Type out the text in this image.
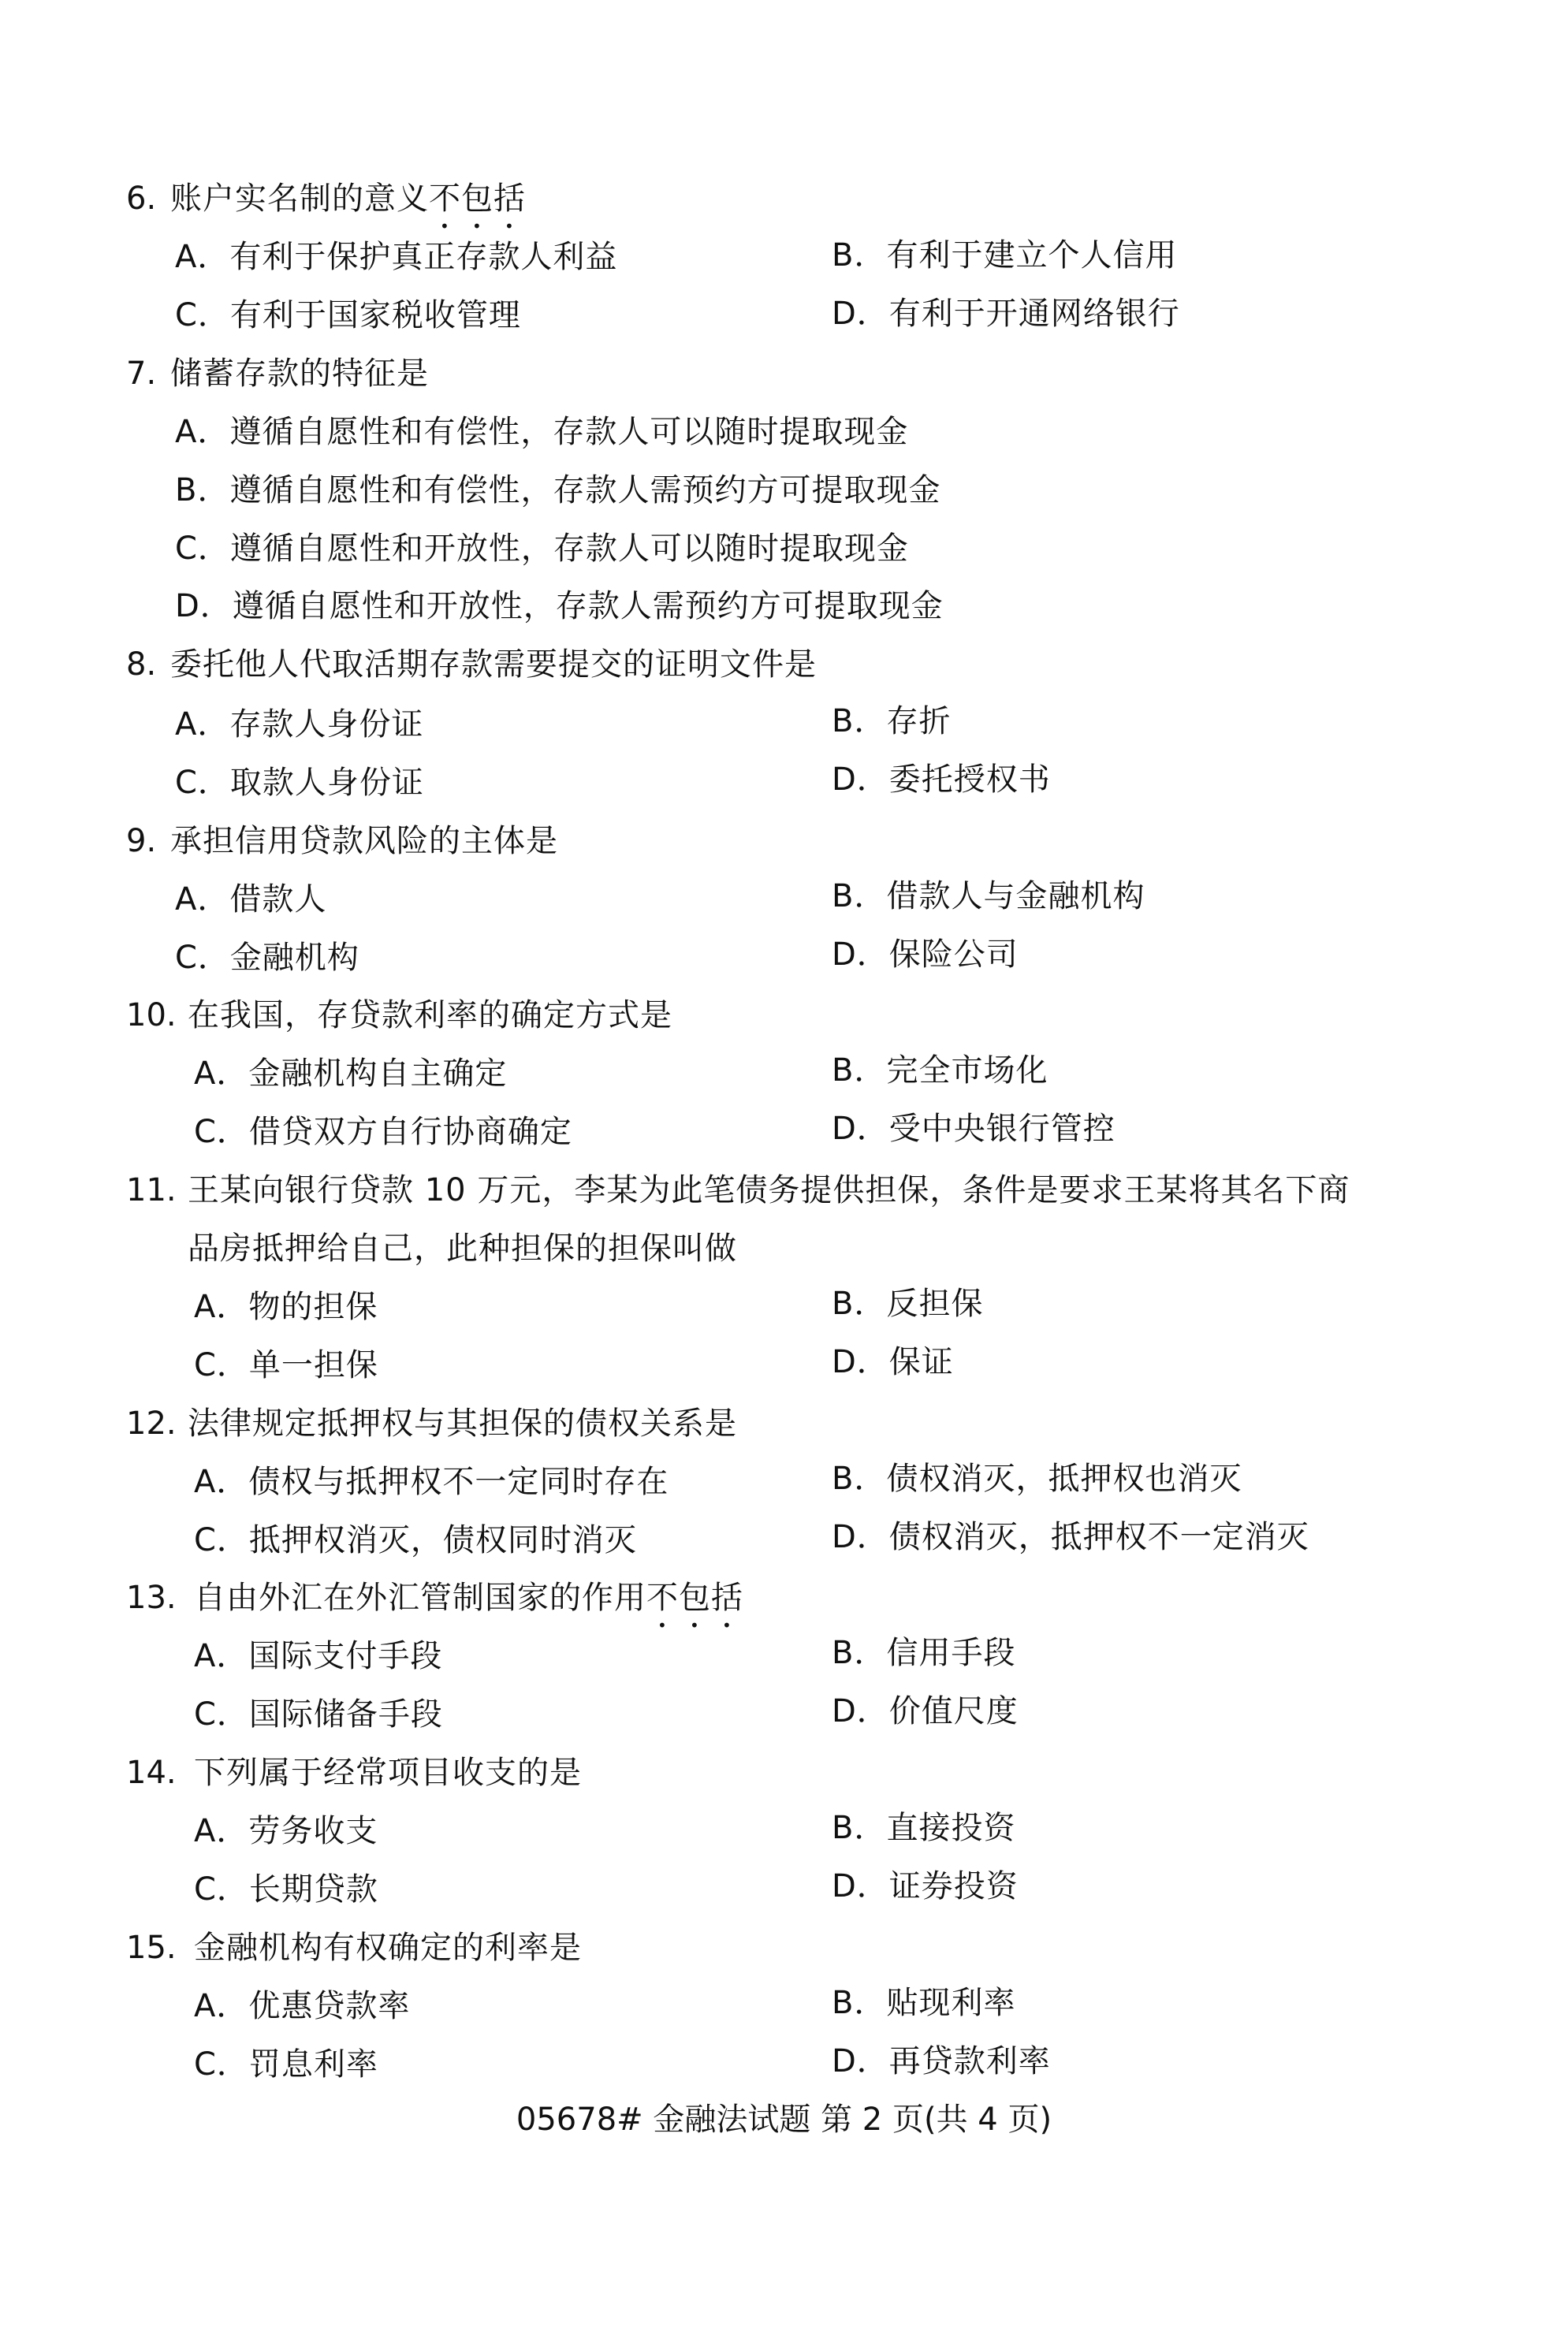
6. 账户实名制的意义不包括
A．有利于保护真正存款人利益	B．有利于建立个人信用
C．有利于国家税收管理	D．有利于开通网络银行
7. 储蓄存款的特征是
A．遵循自愿性和有偿性，存款人可以随时提取现金
B．遵循自愿性和有偿性，存款人需预约方可提取现金
C．遵循自愿性和开放性，存款人可以随时提取现金
D．遵循自愿性和开放性，存款人需预约方可提取现金
8. 委托他人代取活期存款需要提交的证明文件是
A．存款人身份证	B．存折
C．取款人身份证	D．委托授权书
9. 承担信用贷款风险的主体是
A．借款人	B．借款人与金融机构
C．金融机构	D．保险公司
10. 在我国，存贷款利率的确定方式是
A．金融机构自主确定	B．完全市场化
C．借贷双方自行协商确定	D．受中央银行管控
11. 王某向银行贷款 10 万元，李某为此笔债务提供担保，条件是要求王某将其名下商
品房抵押给自己，此种担保的担保叫做
A．物的担保	B．反担保
C．单一担保	D．保证
12. 法律规定抵押权与其担保的债权关系是
A．债权与抵押权不一定同时存在	B．债权消灭，抵押权也消灭
C．抵押权消灭，债权同时消灭	D．债权消灭，抵押权不一定消灭
13. 自由外汇在外汇管制国家的作用不包括
A．国际支付手段	B．信用手段
C．国际储备手段	D．价值尺度
14. 下列属于经常项目收支的是
A．劳务收支	B．直接投资
C．长期贷款	D．证券投资
15. 金融机构有权确定的利率是
A．优惠贷款率	B．贴现利率
C．罚息利率	D．再贷款利率
05678# 金融法试题 第 2 页(共 4 页)
